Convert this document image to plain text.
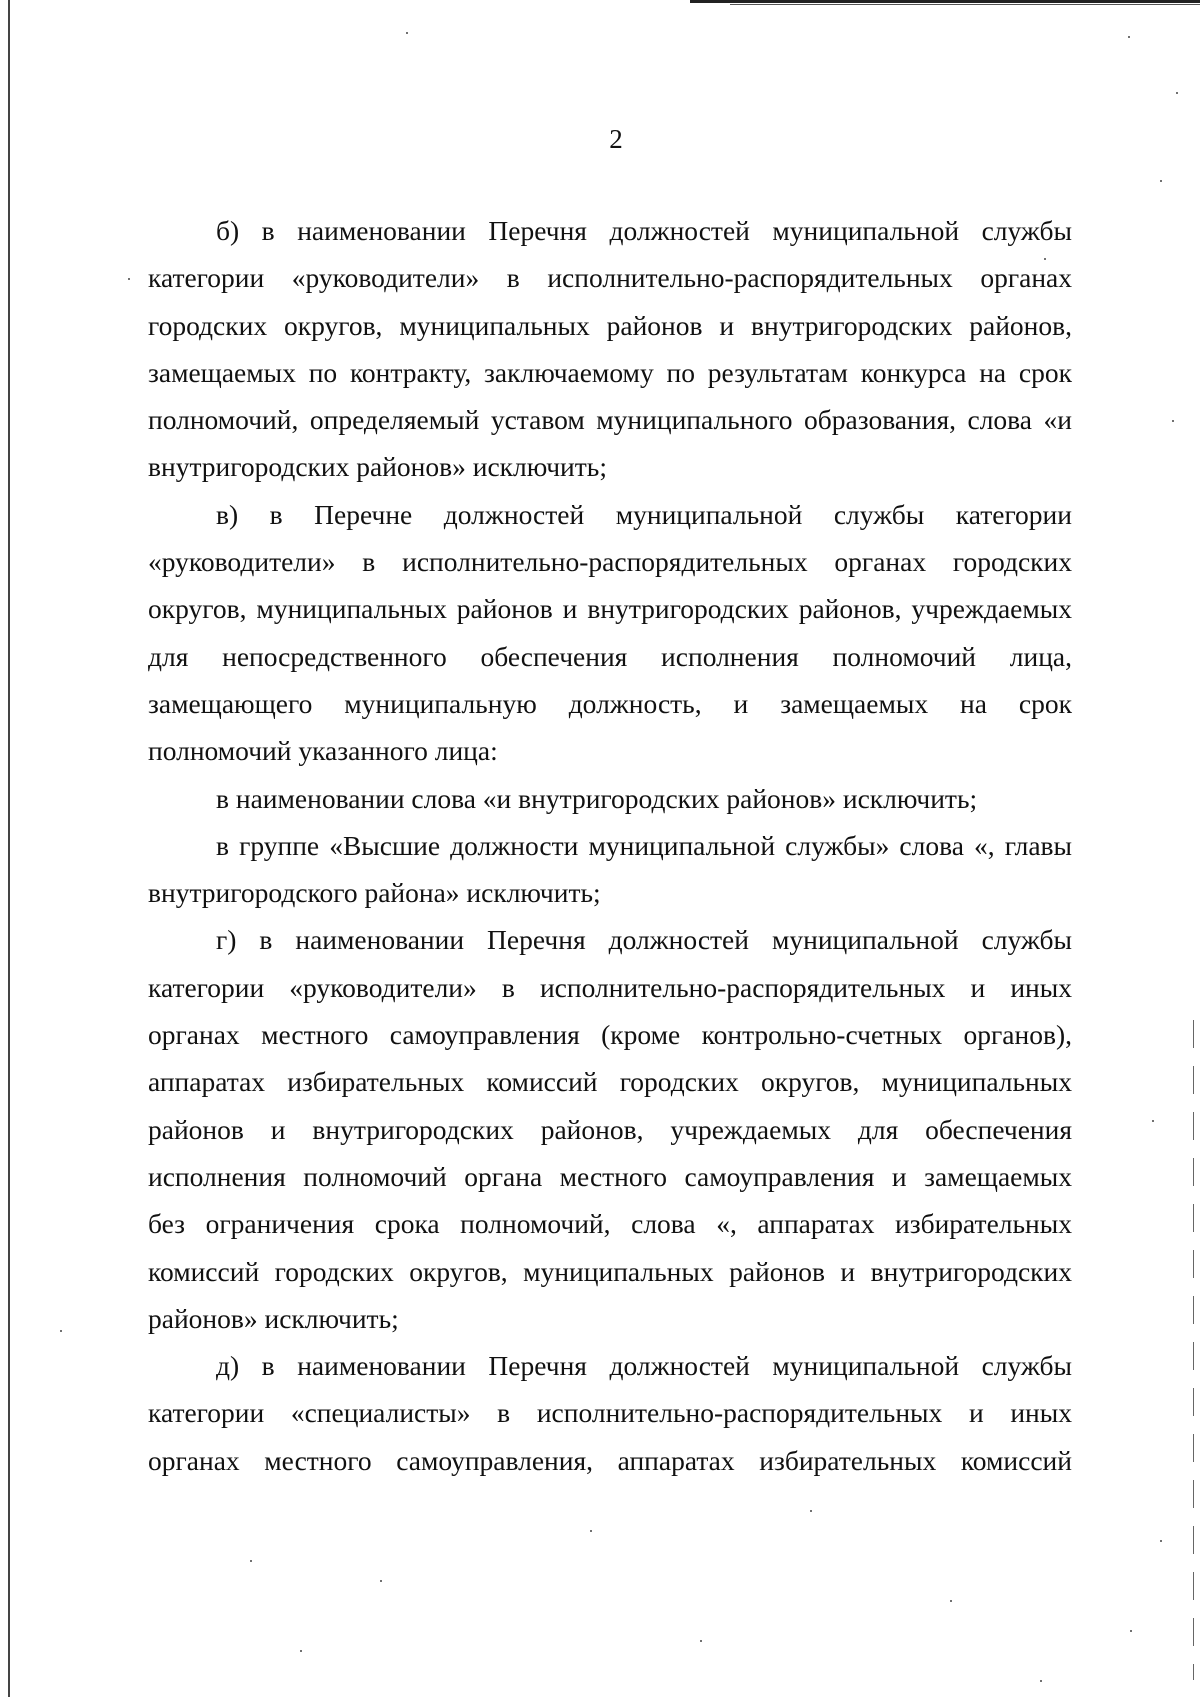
2
б) в наименовании Перечня должностей муниципальной службы
категории «руководители» в исполнительно-распорядительных органах
городских округов, муниципальных районов и внутригородских районов,
замещаемых по контракту, заключаемому по результатам конкурса на срок
полномочий, определяемый уставом муниципального образования, слова «и
внутригородских районов» исключить;
в) в Перечне должностей муниципальной службы категории
«руководители» в исполнительно-распорядительных органах городских
округов, муниципальных районов и внутригородских районов, учреждаемых
для непосредственного обеспечения исполнения полномочий лица,
замещающего муниципальную должность, и замещаемых на срок
полномочий указанного лица:
в наименовании слова «и внутригородских районов» исключить;
в группе «Высшие должности муниципальной службы» слова «, главы
внутригородского района» исключить;
г) в наименовании Перечня должностей муниципальной службы
категории «руководители» в исполнительно-распорядительных и иных
органах местного самоуправления (кроме контрольно-счетных органов),
аппаратах избирательных комиссий городских округов, муниципальных
районов и внутригородских районов, учреждаемых для обеспечения
исполнения полномочий органа местного самоуправления и замещаемых
без ограничения срока полномочий, слова «, аппаратах избирательных
комиссий городских округов, муниципальных районов и внутригородских
районов» исключить;
д) в наименовании Перечня должностей муниципальной службы
категории «специалисты» в исполнительно-распорядительных и иных
органах местного самоуправления, аппаратах избирательных комиссий
